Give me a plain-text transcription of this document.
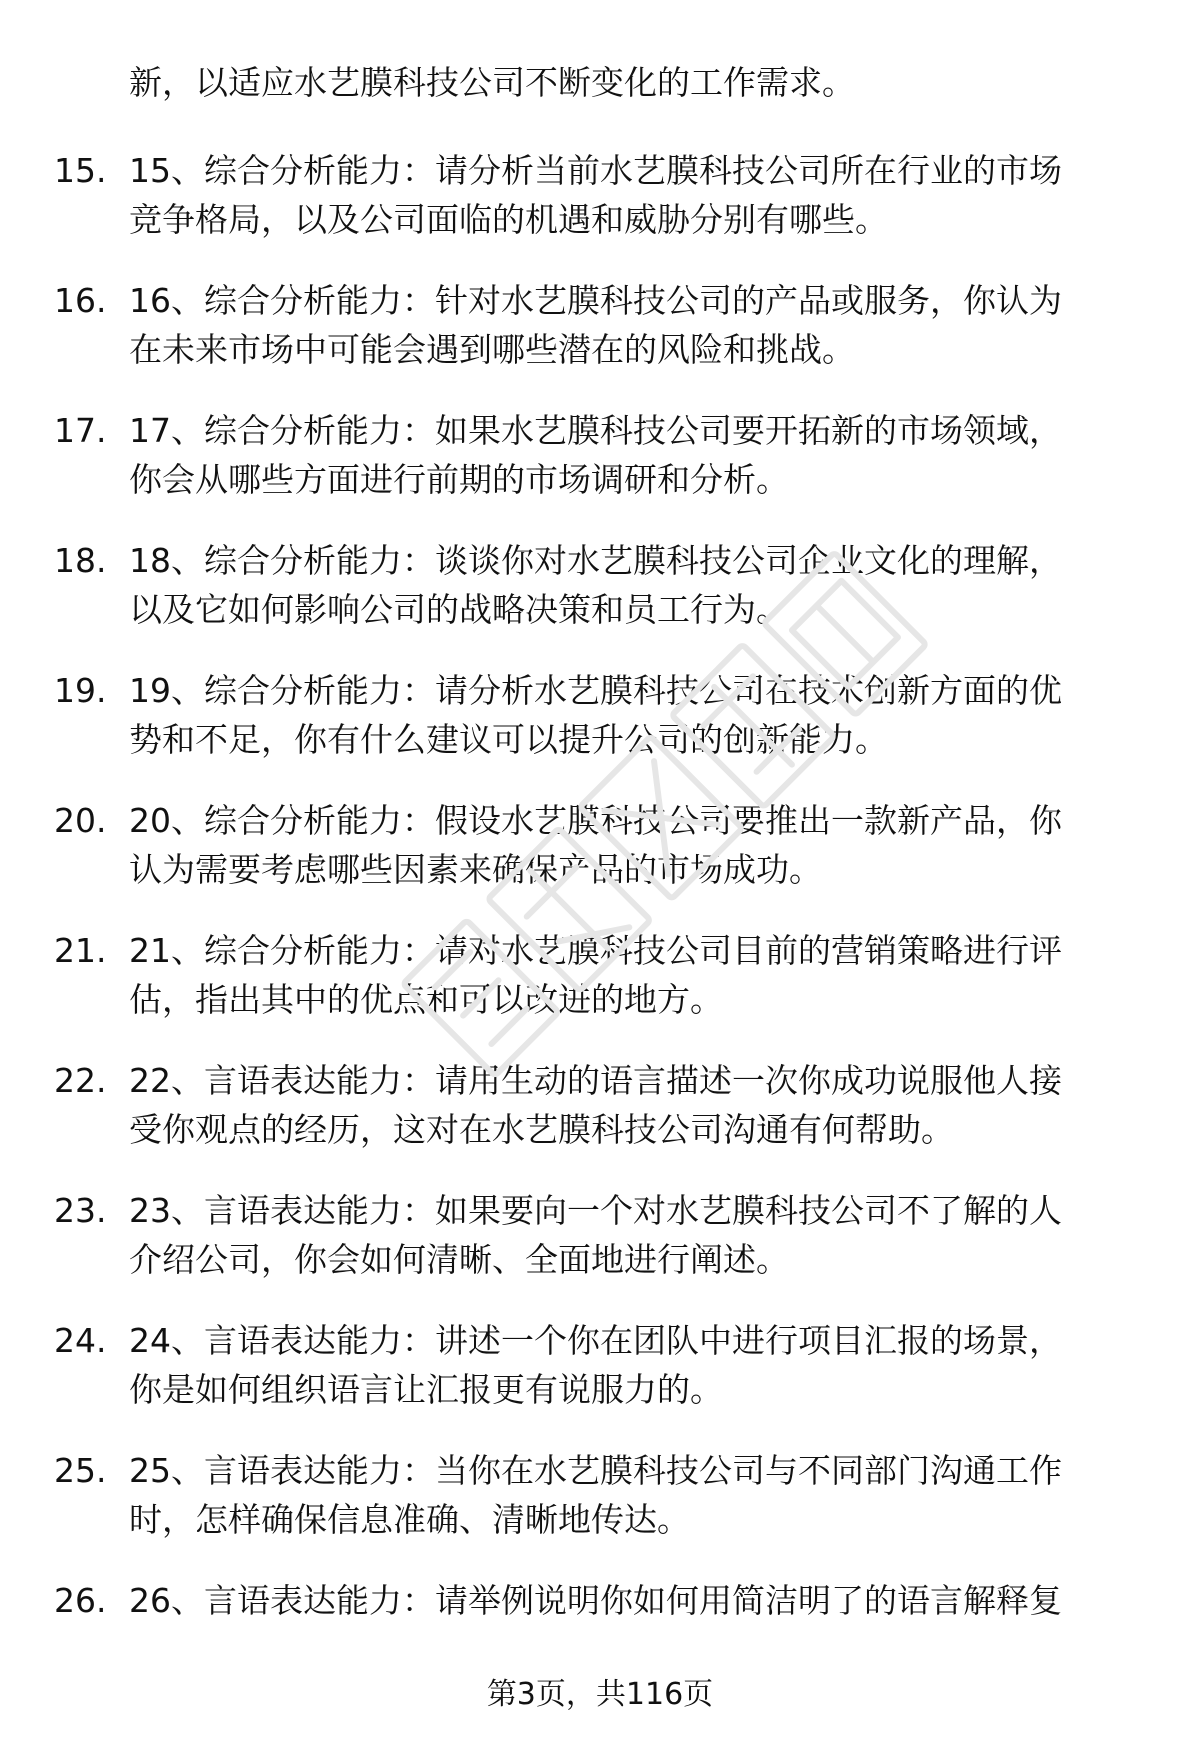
新，以适应水艺膜科技公司不断变化的工作需求。
15. 15、综合分析能力：请分析当前水艺膜科技公司所在行业的市场
竞争格局，以及公司面临的机遇和威胁分别有哪些。
16. 16、综合分析能力：针对水艺膜科技公司的产品或服务，你认为
在未来市场中可能会遇到哪些潜在的风险和挑战。
17. 17、综合分析能力：如果水艺膜科技公司要开拓新的市场领域，
你会从哪些方面进行前期的市场调研和分析。
18. 18、综合分析能力：谈谈你对水艺膜科技公司企业文化的理解，
以及它如何影响公司的战略决策和员工行为。
19. 19、综合分析能力：请分析水艺膜科技公司在技术创新方面的优
势和不足，你有什么建议可以提升公司的创新能力。
20. 20、综合分析能力：假设水艺膜科技公司要推出一款新产品，你
认为需要考虑哪些因素来确保产品的市场成功。
21. 21、综合分析能力：请对水艺膜科技公司目前的营销策略进行评
估，指出其中的优点和可以改进的地方。
22. 22、言语表达能力：请用生动的语言描述一次你成功说服他人接
受你观点的经历，这对在水艺膜科技公司沟通有何帮助。
23. 23、言语表达能力：如果要向一个对水艺膜科技公司不了解的人
介绍公司，你会如何清晰、全面地进行阐述。
24. 24、言语表达能力：讲述一个你在团队中进行项目汇报的场景，
你是如何组织语言让汇报更有说服力的。
25. 25、言语表达能力：当你在水艺膜科技公司与不同部门沟通工作
时，怎样确保信息准确、清晰地传达。
26. 26、言语表达能力：请举例说明你如何用简洁明了的语言解释复
第3页，共116页
